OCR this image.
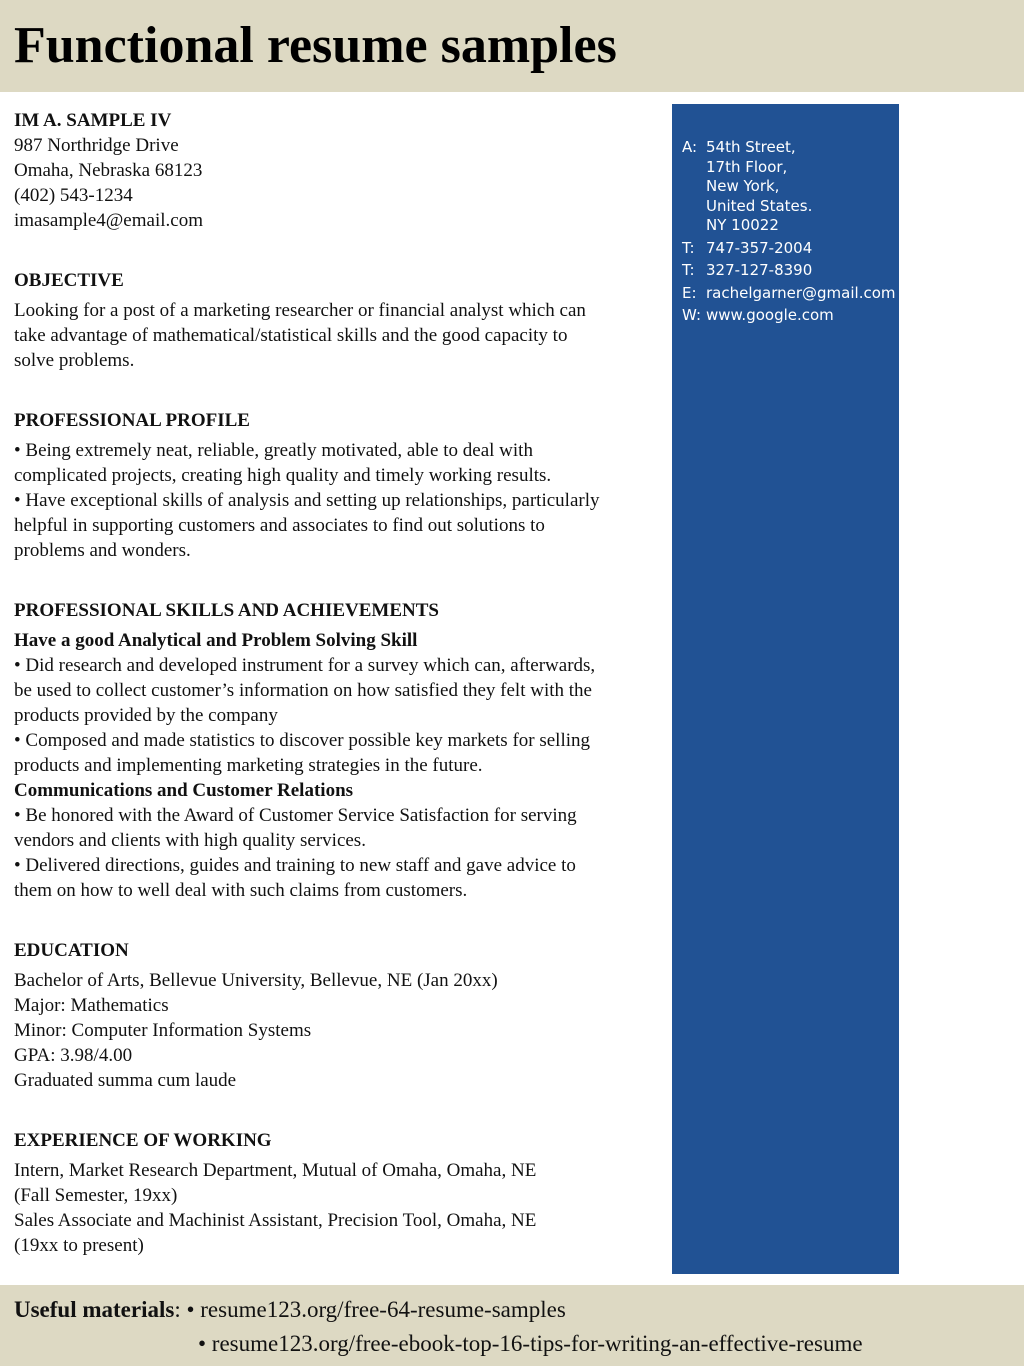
Functional resume samples

IM A. SAMPLE IV

987 Northridge Drive

Omaha, Nebraska 68123

(402) 543-1234

imasample4@email.com

OBJECTIVE

Looking for a post of a marketing researcher or financial analyst which can

take advantage of mathematical/statistical skills and the good capacity to

solve problems.

PROFESSIONAL PROFILE

• Being extremely neat, reliable, greatly motivated, able to deal with

complicated projects, creating high quality and timely working results.

• Have exceptional skills of analysis and setting up relationships, particularly

helpful in supporting customers and associates to find out solutions to

problems and wonders.

PROFESSIONAL SKILLS AND ACHIEVEMENTS

Have a good Analytical and Problem Solving Skill

• Did research and developed instrument for a survey which can, afterwards,

be used to collect customer’s information on how satisfied they felt with the

products provided by the company

• Composed and made statistics to discover possible key markets for selling

products and implementing marketing strategies in the future.

Communications and Customer Relations

• Be honored with the Award of Customer Service Satisfaction for serving

vendors and clients with high quality services.

• Delivered directions, guides and training to new staff and gave advice to

them on how to well deal with such claims from customers.

EDUCATION

Bachelor of Arts, Bellevue University, Bellevue, NE (Jan 20xx)

Major: Mathematics

Minor: Computer Information Systems

GPA: 3.98/4.00

Graduated summa cum laude

EXPERIENCE OF WORKING

Intern, Market Research Department, Mutual of Omaha, Omaha, NE

(Fall Semester, 19xx)

Sales Associate and Machinist Assistant, Precision Tool, Omaha, NE

(19xx to present)

A: 54th Street,
17th Floor,
New York,
United States.
NY 10022
T: 747-357-2004
T: 327-127-8390
E: rachelgarner@gmail.com
W: www.google.com
Useful materials: • resume123.org/free-64-resume-samples
• resume123.org/free-ebook-top-16-tips-for-writing-an-effective-resume
